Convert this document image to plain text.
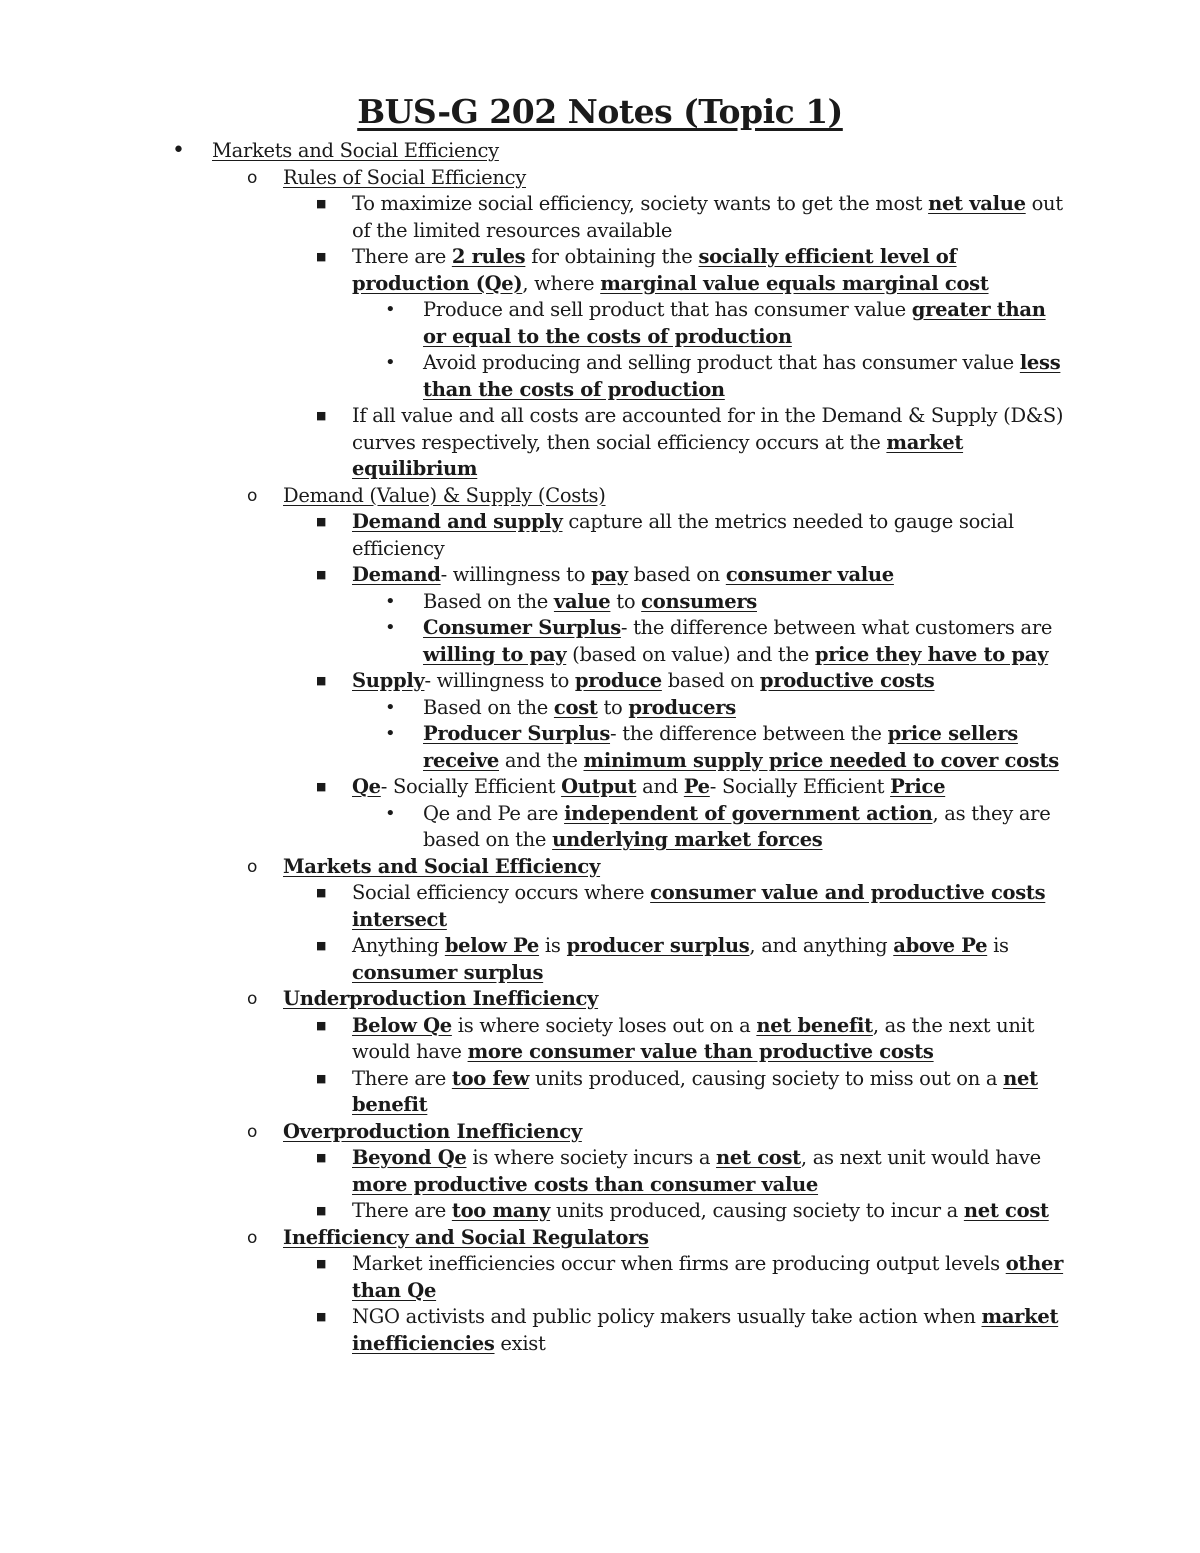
BUS-G 202 Notes (Topic 1)
• Markets and Social Efficiency
o Rules of Social Efficiency
■ To maximize social efficiency, society wants to get the most net value out of the limited resources available
■ There are 2 rules for obtaining the socially efficient level of production (Qe), where marginal value equals marginal cost
• Produce and sell product that has consumer value greater than or equal to the costs of production
• Avoid producing and selling product that has consumer value less than the costs of production
■ If all value and all costs are accounted for in the Demand & Supply (D&S) curves respectively, then social efficiency occurs at the market equilibrium
o Demand (Value) & Supply (Costs)
■ Demand and supply capture all the metrics needed to gauge social efficiency
■ Demand- willingness to pay based on consumer value
• Based on the value to consumers
• Consumer Surplus- the difference between what customers are willing to pay (based on value) and the price they have to pay
■ Supply- willingness to produce based on productive costs
• Based on the cost to producers
• Producer Surplus- the difference between the price sellers receive and the minimum supply price needed to cover costs
■ Qe- Socially Efficient Output and Pe- Socially Efficient Price
• Qe and Pe are independent of government action, as they are based on the underlying market forces
o Markets and Social Efficiency
■ Social efficiency occurs where consumer value and productive costs intersect
■ Anything below Pe is producer surplus, and anything above Pe is consumer surplus
o Underproduction Inefficiency
■ Below Qe is where society loses out on a net benefit, as the next unit would have more consumer value than productive costs
■ There are too few units produced, causing society to miss out on a net benefit
o Overproduction Inefficiency
■ Beyond Qe is where society incurs a net cost, as next unit would have more productive costs than consumer value
■ There are too many units produced, causing society to incur a net cost
o Inefficiency and Social Regulators
■ Market inefficiencies occur when firms are producing output levels other than Qe
■ NGO activists and public policy makers usually take action when market inefficiencies exist
